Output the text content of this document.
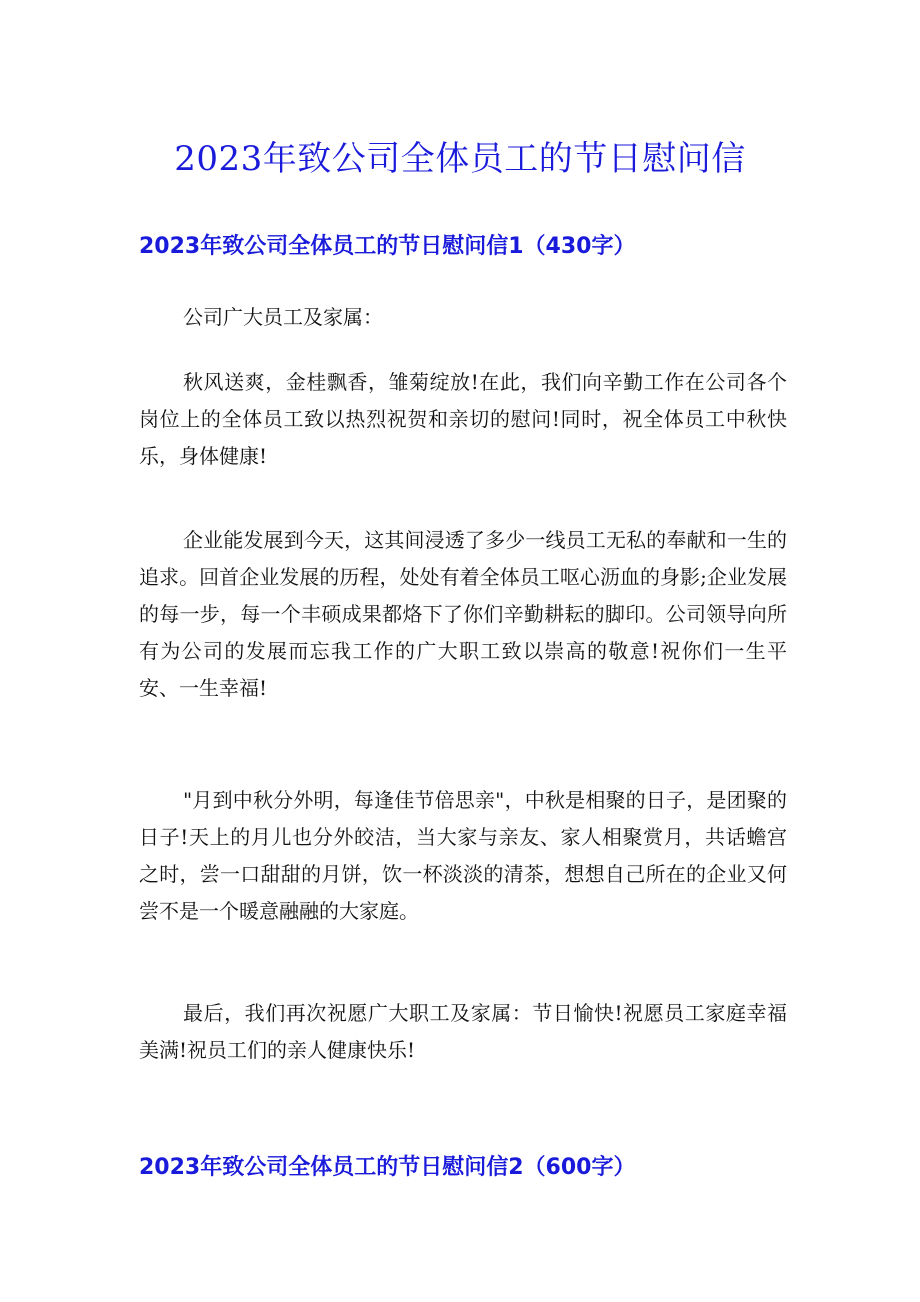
2023年致公司全体员工的节日慰问信
2023年致公司全体员工的节日慰问信1（430字）

公司广大员工及家属：

秋风送爽，金桂飘香，雏菊绽放!在此，我们向辛勤工作在公司各个岗位上的全体员工致以热烈祝贺和亲切的慰问!同时，祝全体员工中秋快乐，身体健康!

企业能发展到今天，这其间浸透了多少一线员工无私的奉献和一生的追求。回首企业发展的历程，处处有着全体员工呕心沥血的身影;企业发展的每一步，每一个丰硕成果都烙下了你们辛勤耕耘的脚印。公司领导向所有为公司的发展而忘我工作的广大职工致以崇高的敬意!祝你们一生平安、一生幸福!

"月到中秋分外明，每逢佳节倍思亲"，中秋是相聚的日子，是团聚的日子!天上的月儿也分外皎洁，当大家与亲友、家人相聚赏月，共话蟾宫之时，尝一口甜甜的月饼，饮一杯淡淡的清茶，想想自己所在的企业又何尝不是一个暖意融融的大家庭。

最后，我们再次祝愿广大职工及家属：节日愉快!祝愿员工家庭幸福美满!祝员工们的亲人健康快乐!

2023年致公司全体员工的节日慰问信2（600字）
